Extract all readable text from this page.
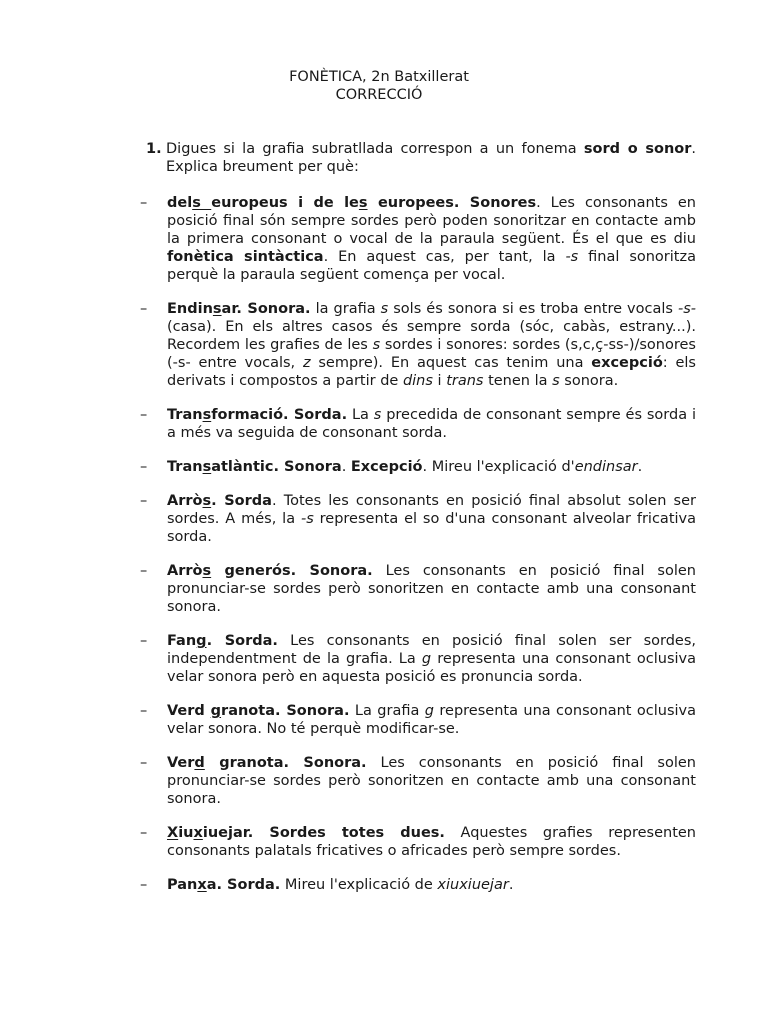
FONÈTICA, 2n Batxillerat
CORRECCIÓ
1. Digues si la grafia subratllada correspon a un fonema sord o sonor. Explica breument per què:
– dels europeus i de les europees. Sonores. Les consonants en posició final són sempre sordes però poden sonoritzar en contacte amb la primera consonant o vocal de la paraula següent. És el que es diu fonètica sintàctica. En aquest cas, per tant, la -s final sonoritza perquè la paraula següent comença per vocal.
– Endinsar. Sonora. la grafia s sols és sonora si es troba entre vocals -s- (casa). En els altres casos és sempre sorda (sóc, cabàs, estrany...). Recordem les grafies de les s sordes i sonores: sordes (s,c,ç-ss-)/sonores (-s- entre vocals, z sempre). En aquest cas tenim una excepció: els derivats i compostos a partir de dins i trans tenen la s sonora.
– Transformació. Sorda. La s precedida de consonant sempre és sorda i a més va seguida de consonant sorda.
– Transatlàntic. Sonora. Excepció. Mireu l'explicació d'endinsar.
– Arròs. Sorda. Totes les consonants en posició final absolut solen ser sordes. A més, la -s representa el so d'una consonant alveolar fricativa sorda.
– Arròs generós. Sonora. Les consonants en posició final solen pronunciar-se sordes però sonoritzen en contacte amb una consonant sonora.
– Fang. Sorda. Les consonants en posició final solen ser sordes, independentment de la grafia. La g representa una consonant oclusiva velar sonora però en aquesta posició es pronuncia sorda.
– Verd granota. Sonora. La grafia g representa una consonant oclusiva velar sonora. No té perquè modificar-se.
– Verd granota. Sonora. Les consonants en posició final solen pronunciar-se sordes però sonoritzen en contacte amb una consonant sonora.
– Xiuxiuejar. Sordes totes dues. Aquestes grafies representen consonants palatals fricatives o africades però sempre sordes.
– Panxa. Sorda. Mireu l'explicació de xiuxiuejar.
